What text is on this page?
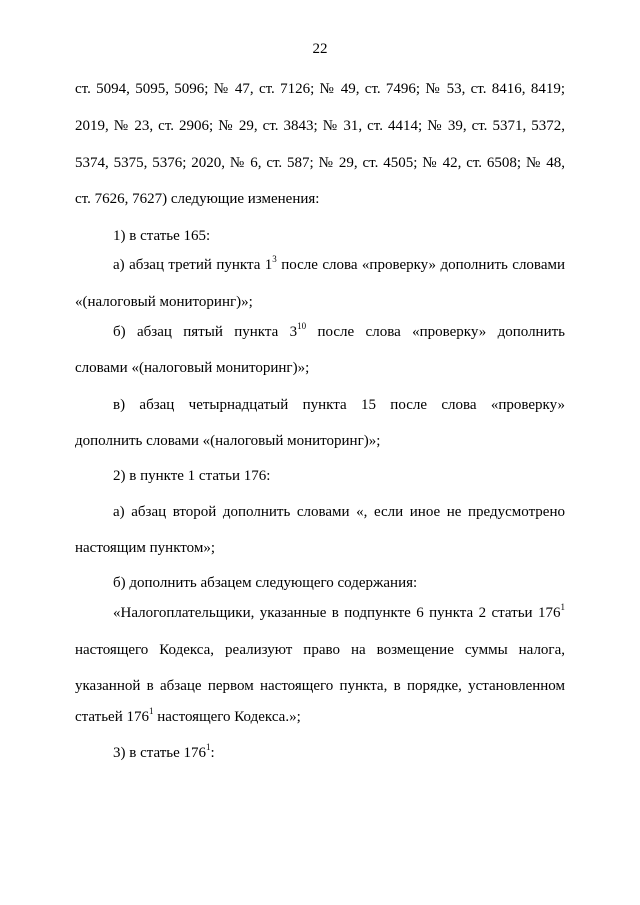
22
ст. 5094, 5095, 5096; № 47, ст. 7126; № 49, ст. 7496; № 53, ст. 8416, 8419;
2019, № 23, ст. 2906; № 29, ст. 3843; № 31, ст. 4414; № 39, ст. 5371, 5372,
5374, 5375, 5376; 2020, № 6, ст. 587; № 29, ст. 4505; № 42, ст. 6508; № 48,
ст. 7626, 7627) следующие изменения:
1) в статье 165:
а) абзац третий пункта $1^3$ после слова «проверку» дополнить словами
«(налоговый мониторинг)»;
б) абзац пятый пункта $3^{10}$ после слова «проверку» дополнить
словами «(налоговый мониторинг)»;
в) абзац четырнадцатый пункта 15 после слова «проверку»
дополнить словами «(налоговый мониторинг)»;
2) в пункте 1 статьи 176:
а) абзац второй дополнить словами «, если иное не предусмотрено
настоящим пунктом»;
б) дополнить абзацем следующего содержания:
«Налогоплательщики, указанные в подпункте 6 пункта 2 статьи $176^1$
настоящего Кодекса, реализуют право на возмещение суммы налога,
указанной в абзаце первом настоящего пункта, в порядке, установленном
статьей $176^1$ настоящего Кодекса.»;
3) в статье $176^1$:
